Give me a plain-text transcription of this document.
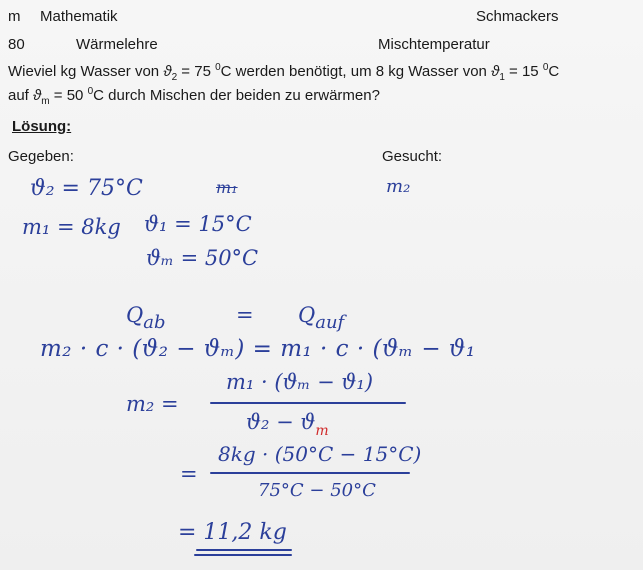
m Mathematik	Schmackers
80	Wärmelehre	Mischtemperatur
Wieviel kg Wasser von $ϑ_2 = 75$ $^0$C werden benötigt, um 8 kg Wasser von $ϑ_1 = 15$ $^0$C
auf $ϑ_m = 50$ $^0$C durch Mischen der beiden zu erwärmen?
Lösung:
Gegeben:	Gesucht:
ϑ₂ = 75°C	m₁	m₂
m₁ = 8kg ϑ₁ = 15°C
ϑₘ = 50°C
Qab	= Qauf
m₂ · c · (ϑ₂ − ϑₘ) = m₁ · c · (ϑₘ − ϑ₁
m₂ =
m₁ · (ϑₘ − ϑ₁)
$ϑ_2 - ϑ_m$
=
8kg · (50°C − 15°C)
75°C − 50°C
= 11,2 kg
